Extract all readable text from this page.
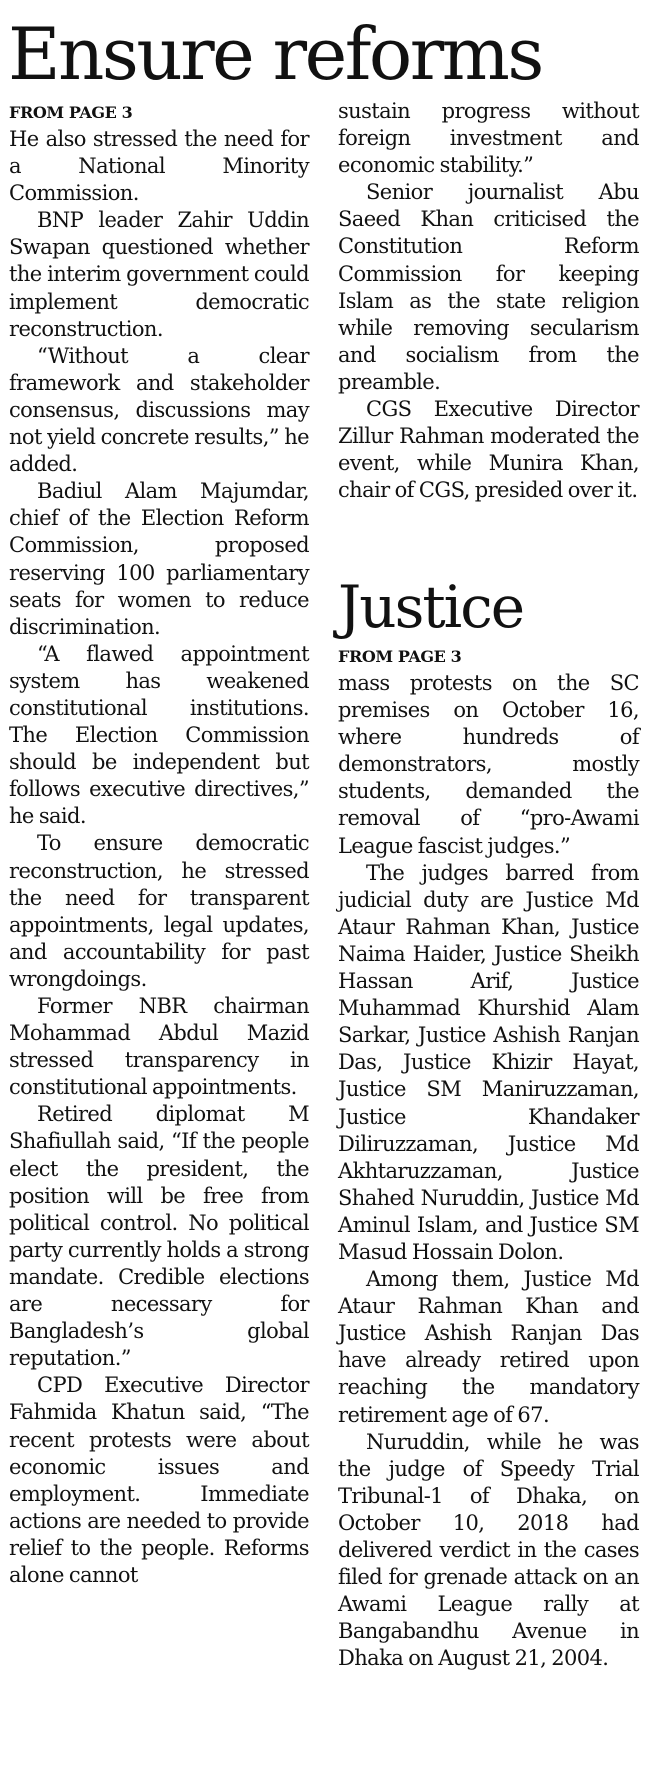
Ensure reforms
FROM PAGE 3

He also stressed the need for a National Minority Commission.

BNP leader Zahir Uddin Swapan questioned whether the interim government could implement democratic reconstruction.

“Without a clear framework and stakeholder consensus, discussions may not yield concrete results,” he added.

Badiul Alam Majumdar, chief of the Election Reform Commission, proposed reserving 100 parliamentary seats for women to reduce discrimination.

“A flawed appointment system has weakened constitutional institutions. The Election Commission should be independent but follows executive directives,” he said.

To ensure democratic reconstruction, he stressed the need for transparent appointments, legal updates, and accountability for past wrongdoings.

Former NBR chairman Mohammad Abdul Mazid stressed transparency in constitutional appointments.

Retired diplomat M Shafiullah said, “If the people elect the president, the position will be free from political control. No political party currently holds a strong mandate. Credible elections are necessary for Bangladesh’s global reputation.”

CPD Executive Director Fahmida Khatun said, “The recent protests were about economic issues and employment. Immediate actions are needed to provide relief to the people. Reforms alone cannot

sustain progress without foreign investment and economic stability.”

Senior journalist Abu Saeed Khan criticised the Constitution Reform Commission for keeping Islam as the state religion while removing secularism and socialism from the preamble.

CGS Executive Director Zillur Rahman moderated the event, while Munira Khan, chair of CGS, presided over it.

Justice
FROM PAGE 3

mass protests on the SC premises on October 16, where hundreds of demonstrators, mostly students, demanded the removal of “pro-Awami League fascist judges.”

The judges barred from judicial duty are Justice Md Ataur Rahman Khan, Justice Naima Haider, Justice Sheikh Hassan Arif, Justice Muhammad Khurshid Alam Sarkar, Justice Ashish Ranjan Das, Justice Khizir Hayat, Justice SM Maniruzzaman, Justice Khandaker Diliruzzaman, Justice Md Akhtaruzzaman, Justice Shahed Nuruddin, Justice Md Aminul Islam, and Justice SM Masud Hossain Dolon.

Among them, Justice Md Ataur Rahman Khan and Justice Ashish Ranjan Das have already retired upon reaching the mandatory retirement age of 67.

Nuruddin, while he was the judge of Speedy Trial Tribunal-1 of Dhaka, on October 10, 2018 had delivered verdict in the cases filed for grenade attack on an Awami League rally at Bangabandhu Avenue in Dhaka on August 21, 2004.
